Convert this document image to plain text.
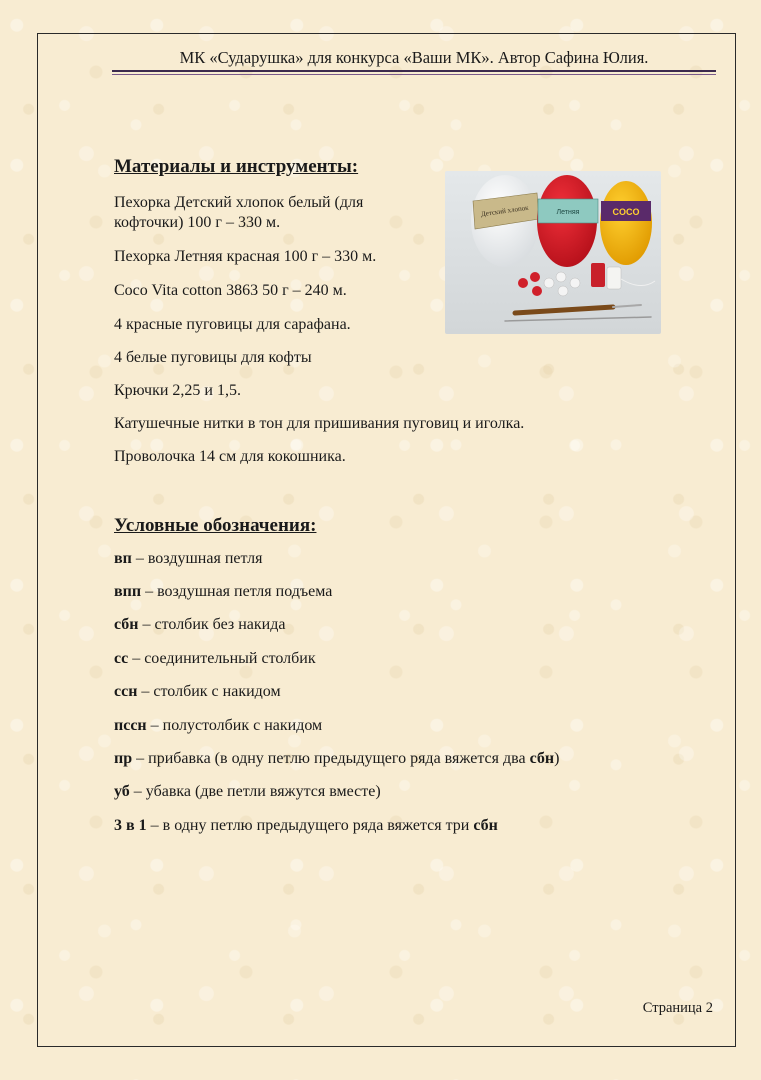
МК «Сударушка» для конкурса «Ваши МК». Автор Сафина Юлия.
Материалы и инструменты:
Пехорка Детский хлопок белый (для
кофточки) 100 г – 330 м.
Пехорка Летняя красная 100 г – 330 м.
Coco Vita cotton 3863 50 г – 240 м.
4 красные пуговицы для сарафана.
4 белые пуговицы для кофты
Крючки 2,25 и 1,5.
Катушечные нитки в тон для пришивания пуговиц и иголка.
Проволочка 14 см для кокошника.
Детский хлопок	Летняя	COCO
Условные обозначения:
вп – воздушная петля
впп – воздушная петля подъема
сбн – столбик без накида
сс – соединительный столбик
ссн – столбик с накидом
пссн – полустолбик с накидом
пр – прибавка (в одну петлю предыдущего ряда вяжется два сбн)
уб – убавка (две петли вяжутся вместе)
3 в 1 – в одну петлю предыдущего ряда вяжется три сбн
Страница 2
